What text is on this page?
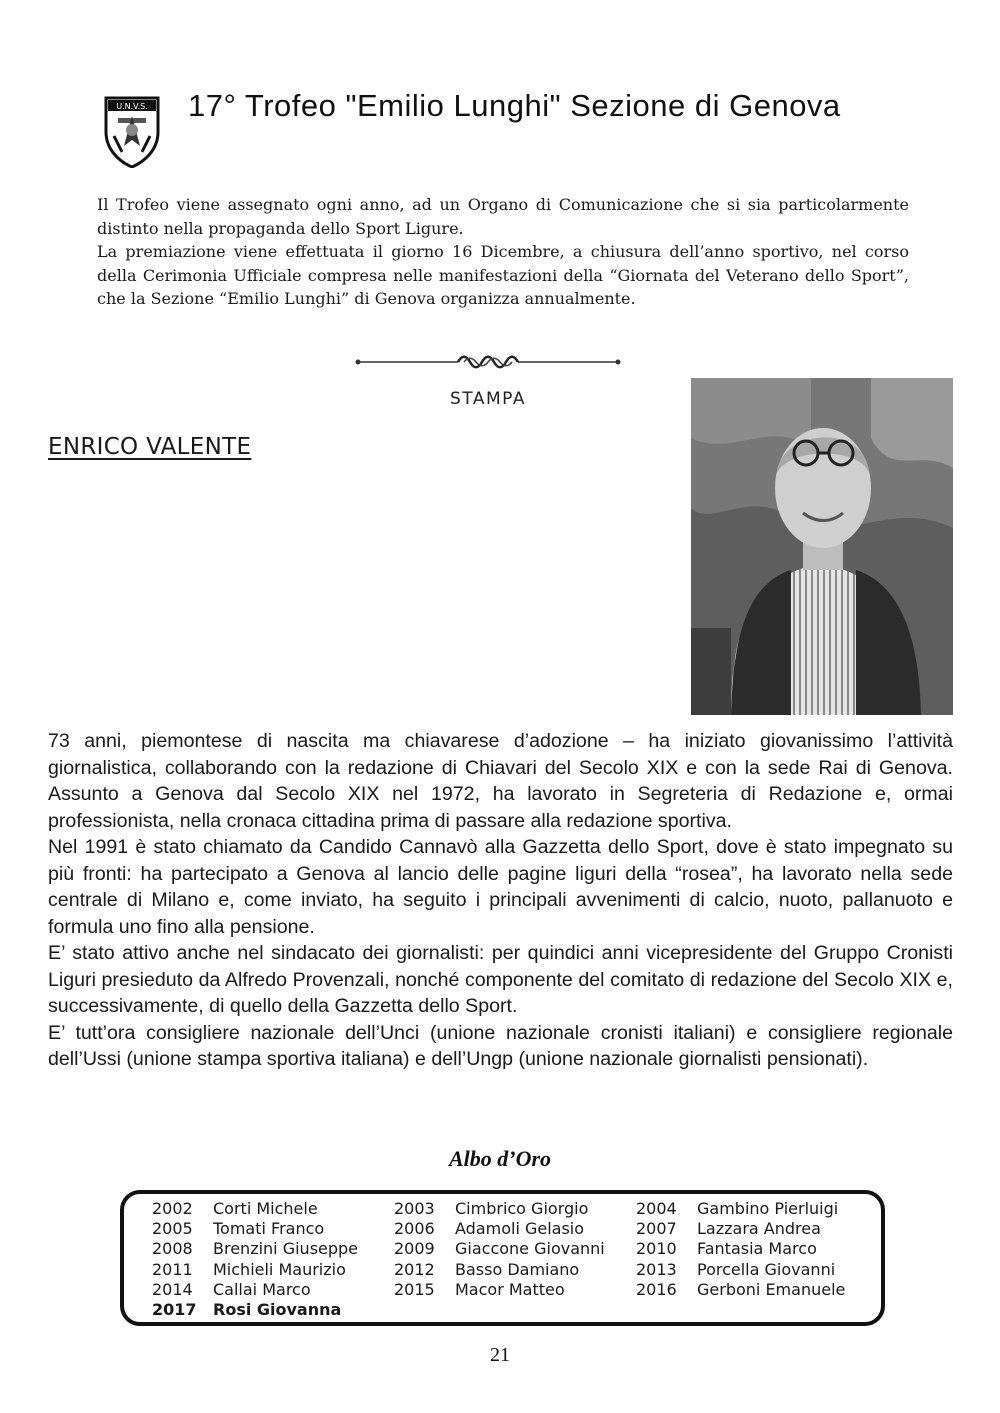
U.N.V.S. 17° Trofeo "Emilio Lunghi" Sezione di Genova

Il Trofeo viene assegnato ogni anno, ad un Organo di Comunicazione che si sia particolarmente distinto nella propaganda dello Sport Ligure.

La premiazione viene effettuata il giorno 16 Dicembre, a chiusura dell’anno sportivo, nel corso della Cerimonia Ufficiale compresa nelle manifestazioni della “Giornata del Veterano dello Sport”, che la Sezione “Emilio Lunghi” di Genova organizza annualmente.

STAMPA
ENRICO VALENTE

73 anni, piemontese di nascita ma chiavarese d’adozione – ha iniziato giovanissimo l’attività giornalistica, collaborando con la redazione di Chiavari del Secolo XIX e con la sede Rai di Genova. Assunto a Genova dal Secolo XIX nel 1972, ha lavorato in Segreteria di Redazione e, ormai professionista, nella cronaca cittadina prima di passare alla redazione sportiva.

Nel 1991 è stato chiamato da Candido Cannavò alla Gazzetta dello Sport, dove è stato impegnato su più fronti: ha partecipato a Genova al lancio delle pagine liguri della “rosea”, ha lavorato nella sede centrale di Milano e, come inviato, ha seguito i principali avvenimenti di calcio, nuoto, pallanuoto e formula uno fino alla pensione.

E’ stato attivo anche nel sindacato dei giornalisti: per quindici anni vicepresidente del Gruppo Cronisti Liguri presieduto da Alfredo Provenzali, nonché componente del comitato di redazione del Secolo XIX e, successivamente, di quello della Gazzetta dello Sport.

E’ tutt’ora consigliere nazionale dell’Unci (unione nazionale cronisti italiani) e consigliere regionale dell’Ussi (unione stampa sportiva italiana) e dell’Ungp (unione nazionale giornalisti pensionati).

Albo d’Oro
2002	Corti Michele	2003	Cimbrico Giorgio	2004	Gambino Pierluigi
2005	Tomati Franco	2006	Adamoli Gelasio	2007	Lazzara Andrea
2008	Brenzini Giuseppe 2009	Giaccone Giovanni 2010	Fantasia Marco
2011	Michieli Maurizio	2012	Basso Damiano	2013	Porcella Giovanni
2014	Callai Marco	2015	Macor Matteo	2016	Gerboni Emanuele
2017	Rosi Giovanna
21
